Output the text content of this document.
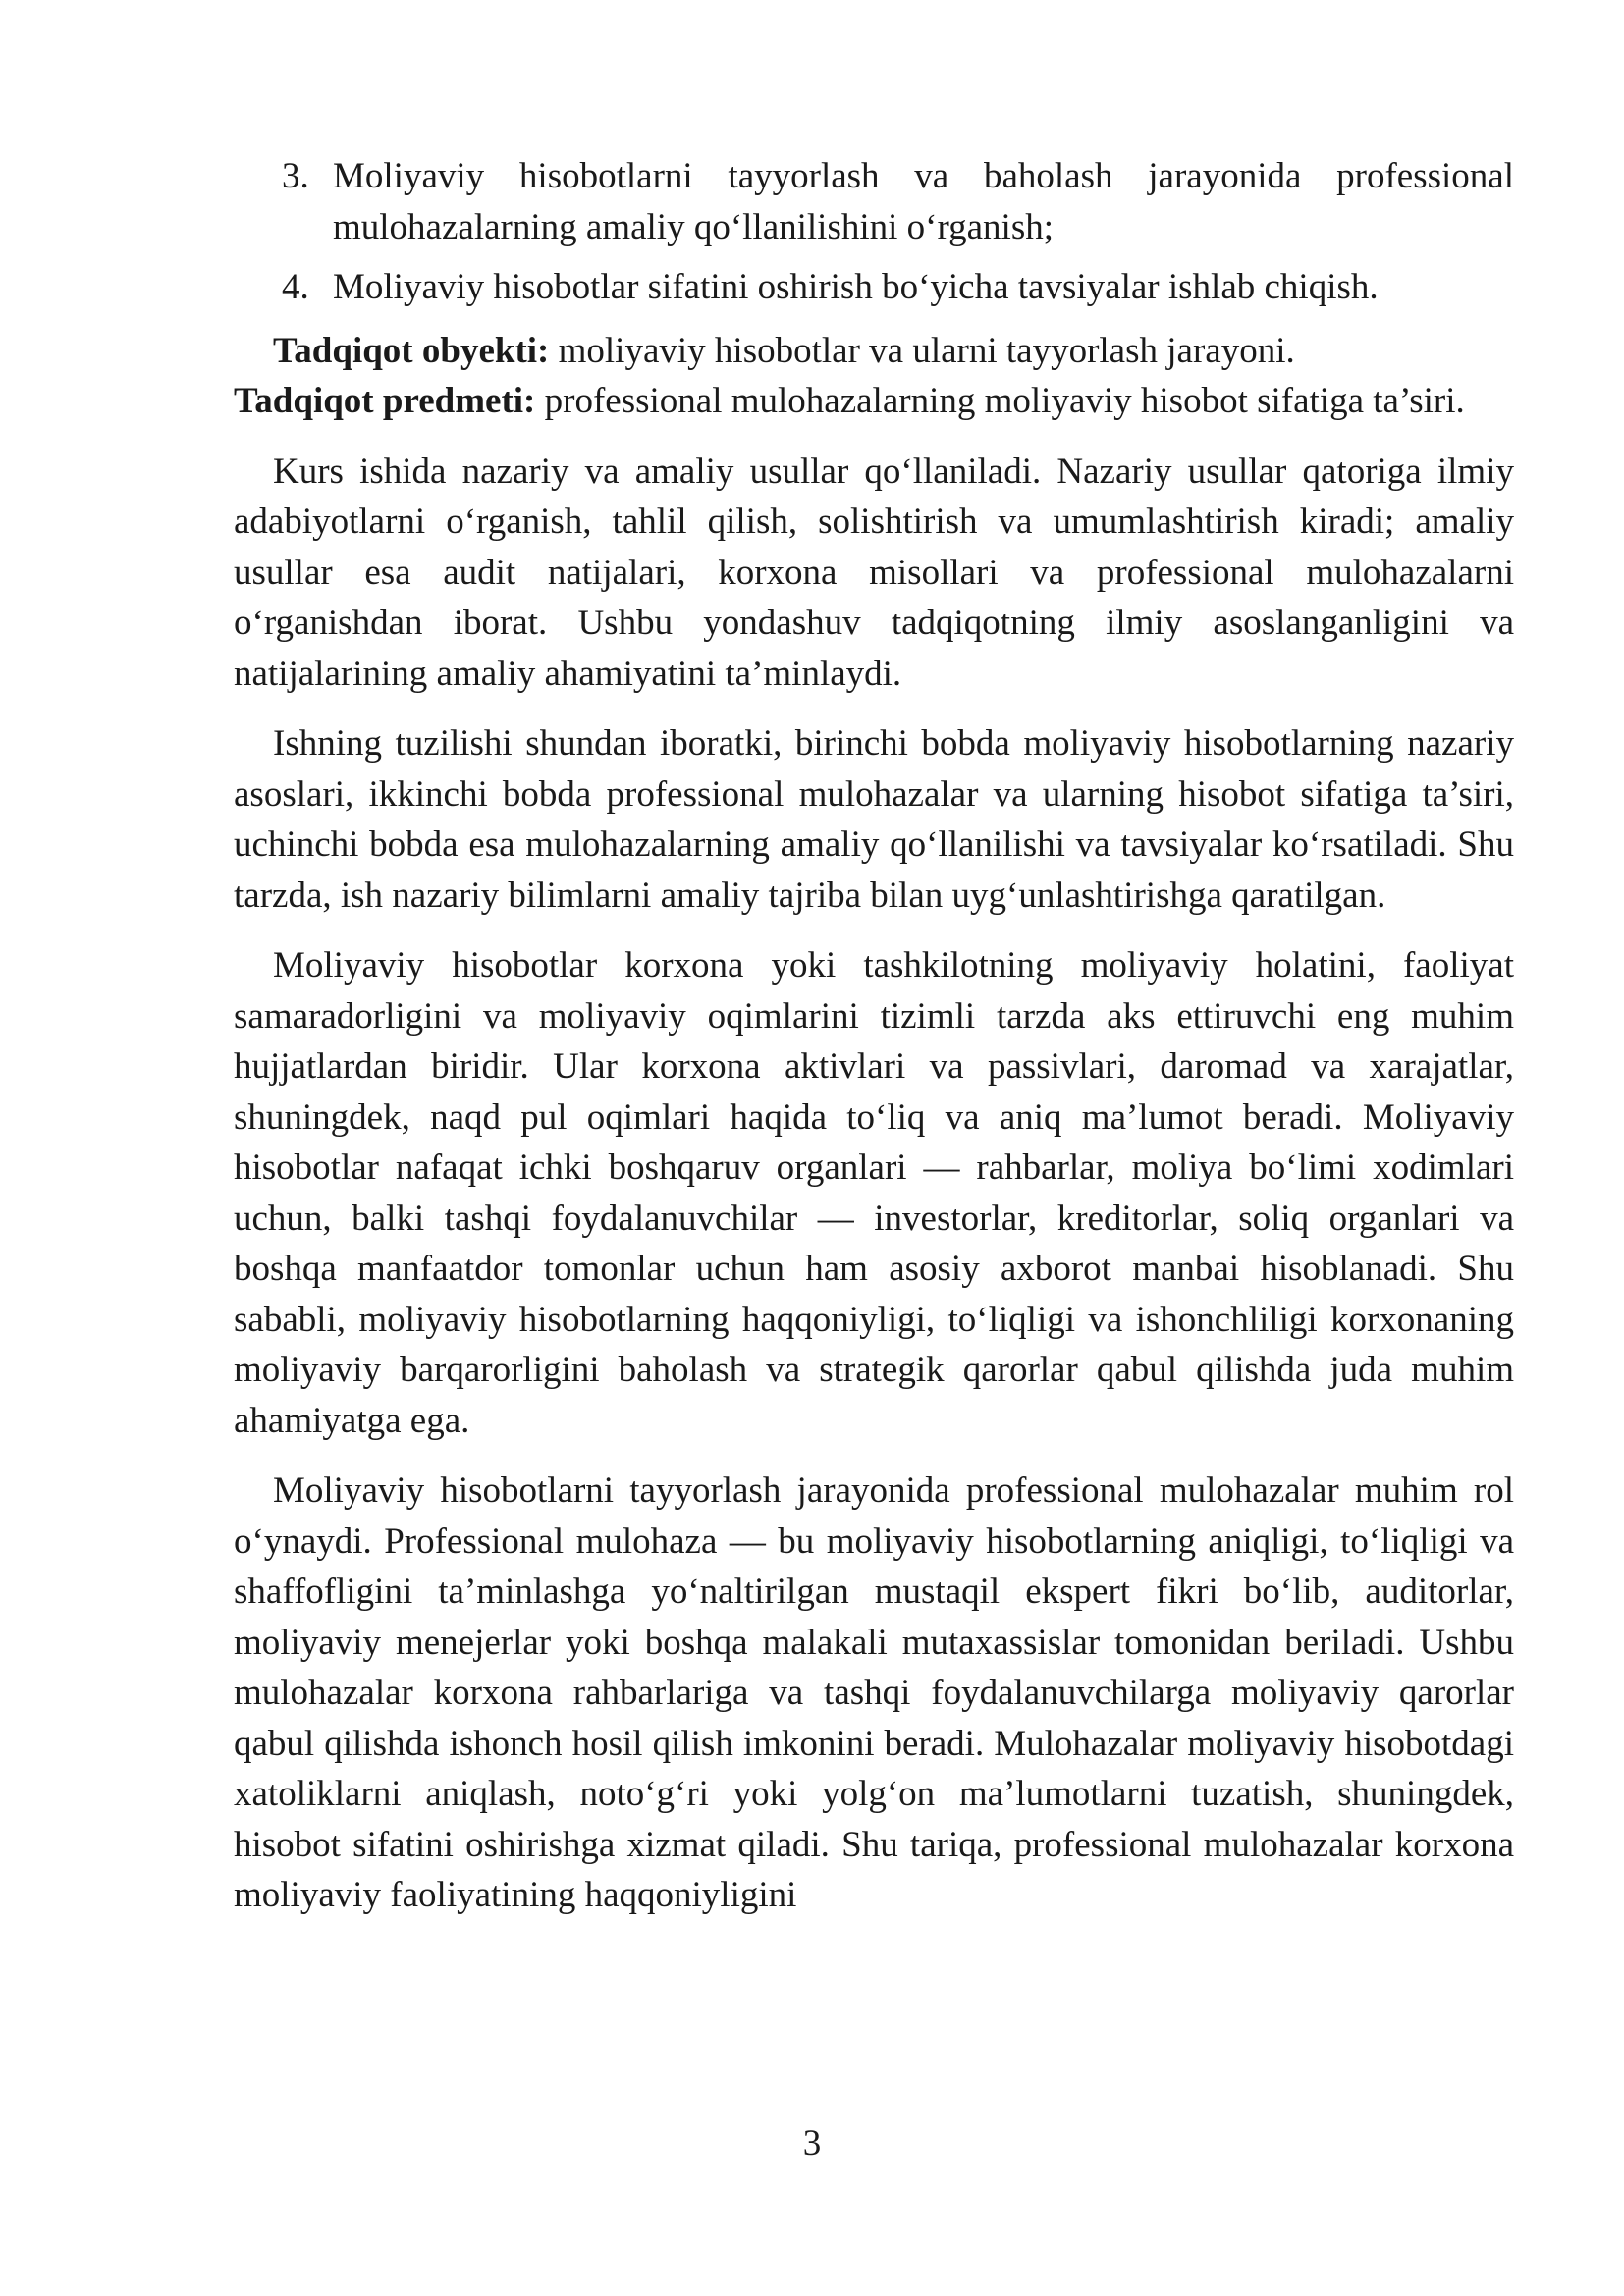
3. Moliyaviy hisobotlarni tayyorlash va baholash jarayonida professional mulohazalarning amaliy qo‘llanilishini o‘rganish;
4. Moliyaviy hisobotlar sifatini oshirish bo‘yicha tavsiyalar ishlab chiqish.

Tadqiqot obyekti: moliyaviy hisobotlar va ularni tayyorlash jarayoni.

Tadqiqot predmeti: professional mulohazalarning moliyaviy hisobot sifatiga ta’siri.

Kurs ishida nazariy va amaliy usullar qo‘llaniladi. Nazariy usullar qatoriga ilmiy adabiyotlarni o‘rganish, tahlil qilish, solishtirish va umumlashtirish kiradi; amaliy usullar esa audit natijalari, korxona misollari va professional mulohazalarni o‘rganishdan iborat. Ushbu yondashuv tadqiqotning ilmiy asoslanganligini va natijalarining amaliy ahamiyatini ta’minlaydi.

Ishning tuzilishi shundan iboratki, birinchi bobda moliyaviy hisobotlarning nazariy asoslari, ikkinchi bobda professional mulohazalar va ularning hisobot sifatiga ta’siri, uchinchi bobda esa mulohazalarning amaliy qo‘llanilishi va tavsiyalar ko‘rsatiladi. Shu tarzda, ish nazariy bilimlarni amaliy tajriba bilan uyg‘unlashtirishga qaratilgan.

Moliyaviy hisobotlar korxona yoki tashkilotning moliyaviy holatini, faoliyat samaradorligini va moliyaviy oqimlarini tizimli tarzda aks ettiruvchi eng muhim hujjatlardan biridir. Ular korxona aktivlari va passivlari, daromad va xarajatlar, shuningdek, naqd pul oqimlari haqida to‘liq va aniq ma’lumot beradi. Moliyaviy hisobotlar nafaqat ichki boshqaruv organlari — rahbarlar, moliya bo‘limi xodimlari uchun, balki tashqi foydalanuvchilar — investorlar, kreditorlar, soliq organlari va boshqa manfaatdor tomonlar uchun ham asosiy axborot manbai hisoblanadi. Shu sababli, moliyaviy hisobotlarning haqqoniyligi, to‘liqligi va ishonchliligi korxonaning moliyaviy barqarorligini baholash va strategik qarorlar qabul qilishda juda muhim ahamiyatga ega.

Moliyaviy hisobotlarni tayyorlash jarayonida professional mulohazalar muhim rol o‘ynaydi. Professional mulohaza — bu moliyaviy hisobotlarning aniqligi, to‘liqligi va shaffofligini ta’minlashga yo‘naltirilgan mustaqil ekspert fikri bo‘lib, auditorlar, moliyaviy menejerlar yoki boshqa malakali mutaxassislar tomonidan beriladi. Ushbu mulohazalar korxona rahbarlariga va tashqi foydalanuvchilarga moliyaviy qarorlar qabul qilishda ishonch hosil qilish imkonini beradi. Mulohazalar moliyaviy hisobotdagi xatoliklarni aniqlash, noto‘g‘ri yoki yolg‘on ma’lumotlarni tuzatish, shuningdek, hisobot sifatini oshirishga xizmat qiladi. Shu tariqa, professional mulohazalar korxona moliyaviy faoliyatining haqqoniyligini

3
